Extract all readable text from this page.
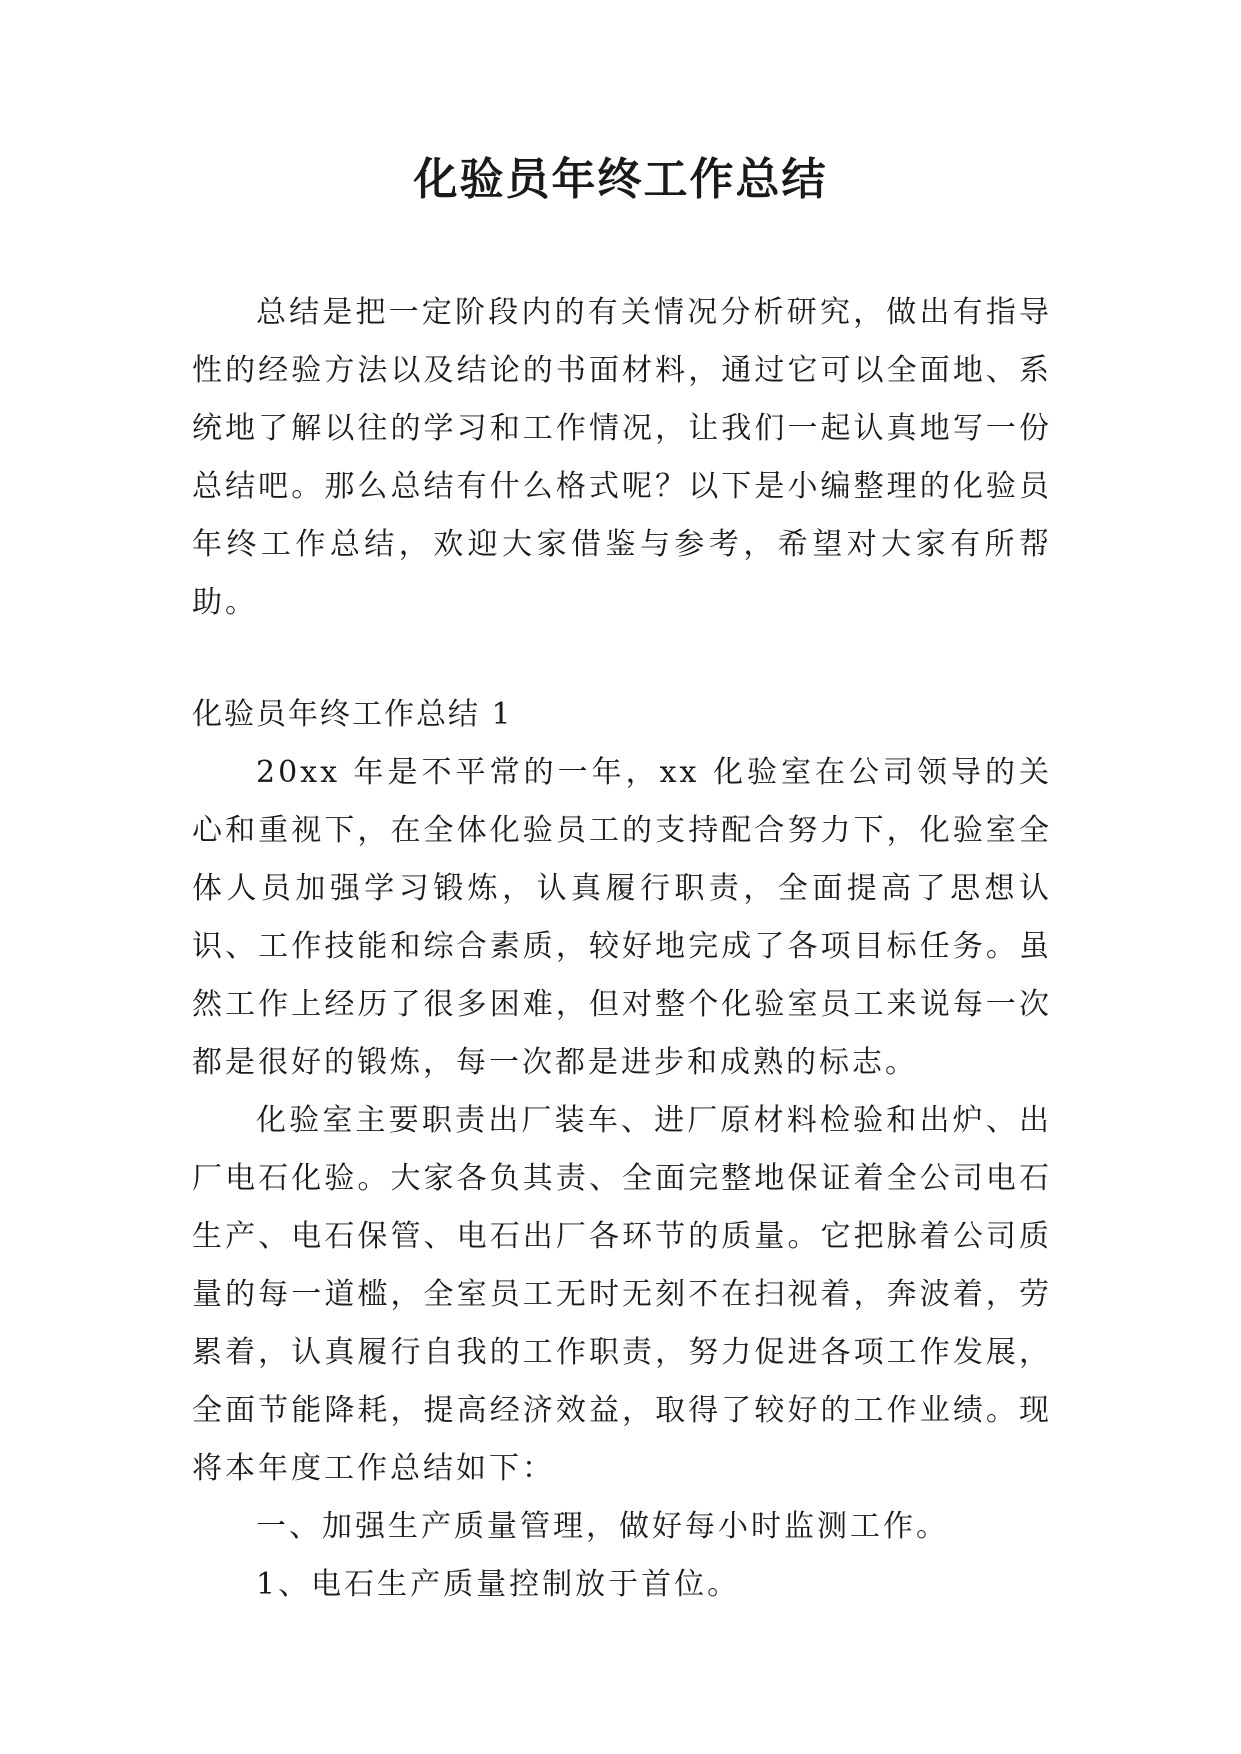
化验员年终工作总结

总结是把一定阶段内的有关情况分析研究，做出有指导性的经验方法以及结论的书面材料，通过它可以全面地、系统地了解以往的学习和工作情况，让我们一起认真地写一份总结吧。那么总结有什么格式呢？以下是小编整理的化验员年终工作总结，欢迎大家借鉴与参考，希望对大家有所帮助。

化验员年终工作总结 1

20xx 年是不平常的一年，xx 化验室在公司领导的关心和重视下，在全体化验员工的支持配合努力下，化验室全体人员加强学习锻炼，认真履行职责，全面提高了思想认识、工作技能和综合素质，较好地完成了各项目标任务。虽然工作上经历了很多困难，但对整个化验室员工来说每一次都是很好的锻炼，每一次都是进步和成熟的标志。

化验室主要职责出厂装车、进厂原材料检验和出炉、出厂电石化验。大家各负其责、全面完整地保证着全公司电石生产、电石保管、电石出厂各环节的质量。它把脉着公司质量的每一道槛，全室员工无时无刻不在扫视着，奔波着，劳累着，认真履行自我的工作职责，努力促进各项工作发展，全面节能降耗，提高经济效益，取得了较好的工作业绩。现将本年度工作总结如下：

一、加强生产质量管理，做好每小时监测工作。

1、电石生产质量控制放于首位。
